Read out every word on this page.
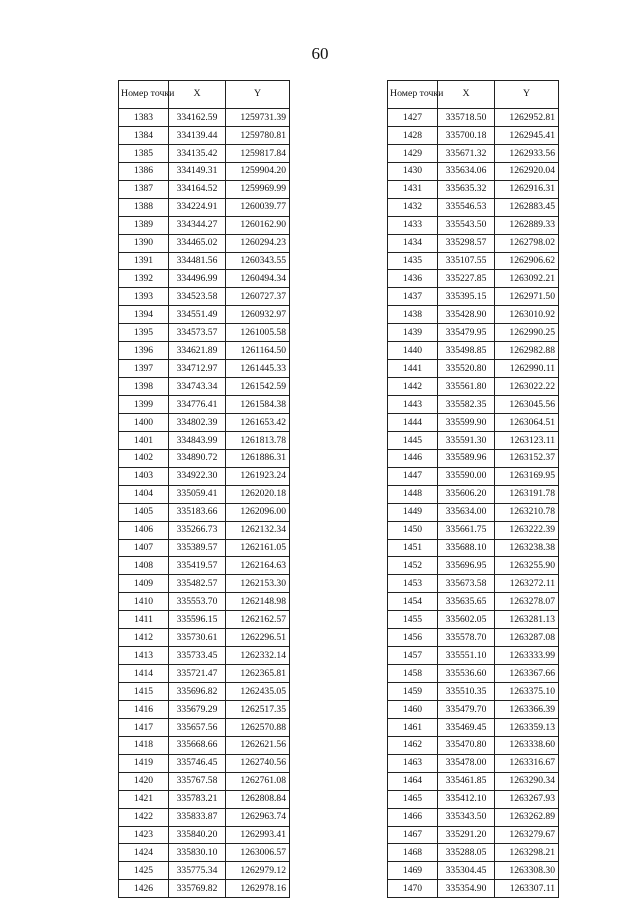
60
Номер точки	X	Y
1383	334162.59	1259731.39
1384	334139.44	1259780.81
1385	334135.42	1259817.84
1386	334149.31	1259904.20
1387	334164.52	1259969.99
1388	334224.91	1260039.77
1389	334344.27	1260162.90
1390	334465.02	1260294.23
1391	334481.56	1260343.55
1392	334496.99	1260494.34
1393	334523.58	1260727.37
1394	334551.49	1260932.97
1395	334573.57	1261005.58
1396	334621.89	1261164.50
1397	334712.97	1261445.33
1398	334743.34	1261542.59
1399	334776.41	1261584.38
1400	334802.39	1261653.42
1401	334843.99	1261813.78
1402	334890.72	1261886.31
1403	334922.30	1261923.24
1404	335059.41	1262020.18
1405	335183.66	1262096.00
1406	335266.73	1262132.34
1407	335389.57	1262161.05
1408	335419.57	1262164.63
1409	335482.57	1262153.30
1410	335553.70	1262148.98
1411	335596.15	1262162.57
1412	335730.61	1262296.51
1413	335733.45	1262332.14
1414	335721.47	1262365.81
1415	335696.82	1262435.05
1416	335679.29	1262517.35
1417	335657.56	1262570.88
1418	335668.66	1262621.56
1419	335746.45	1262740.56
1420	335767.58	1262761.08
1421	335783.21	1262808.84
1422	335833.87	1262963.74
1423	335840.20	1262993.41
1424	335830.10	1263006.57
1425	335775.34	1262979.12
1426	335769.82	1262978.16
Номер точки	X	Y
1427	335718.50	1262952.81
1428	335700.18	1262945.41
1429	335671.32	1262933.56
1430	335634.06	1262920.04
1431	335635.32	1262916.31
1432	335546.53	1262883.45
1433	335543.50	1262889.33
1434	335298.57	1262798.02
1435	335107.55	1262906.62
1436	335227.85	1263092.21
1437	335395.15	1262971.50
1438	335428.90	1263010.92
1439	335479.95	1262990.25
1440	335498.85	1262982.88
1441	335520.80	1262990.11
1442	335561.80	1263022.22
1443	335582.35	1263045.56
1444	335599.90	1263064.51
1445	335591.30	1263123.11
1446	335589.96	1263152.37
1447	335590.00	1263169.95
1448	335606.20	1263191.78
1449	335634.00	1263210.78
1450	335661.75	1263222.39
1451	335688.10	1263238.38
1452	335696.95	1263255.90
1453	335673.58	1263272.11
1454	335635.65	1263278.07
1455	335602.05	1263281.13
1456	335578.70	1263287.08
1457	335551.10	1263333.99
1458	335536.60	1263367.66
1459	335510.35	1263375.10
1460	335479.70	1263366.39
1461	335469.45	1263359.13
1462	335470.80	1263338.60
1463	335478.00	1263316.67
1464	335461.85	1263290.34
1465	335412.10	1263267.93
1466	335343.50	1263262.89
1467	335291.20	1263279.67
1468	335288.05	1263298.21
1469	335304.45	1263308.30
1470	335354.90	1263307.11
